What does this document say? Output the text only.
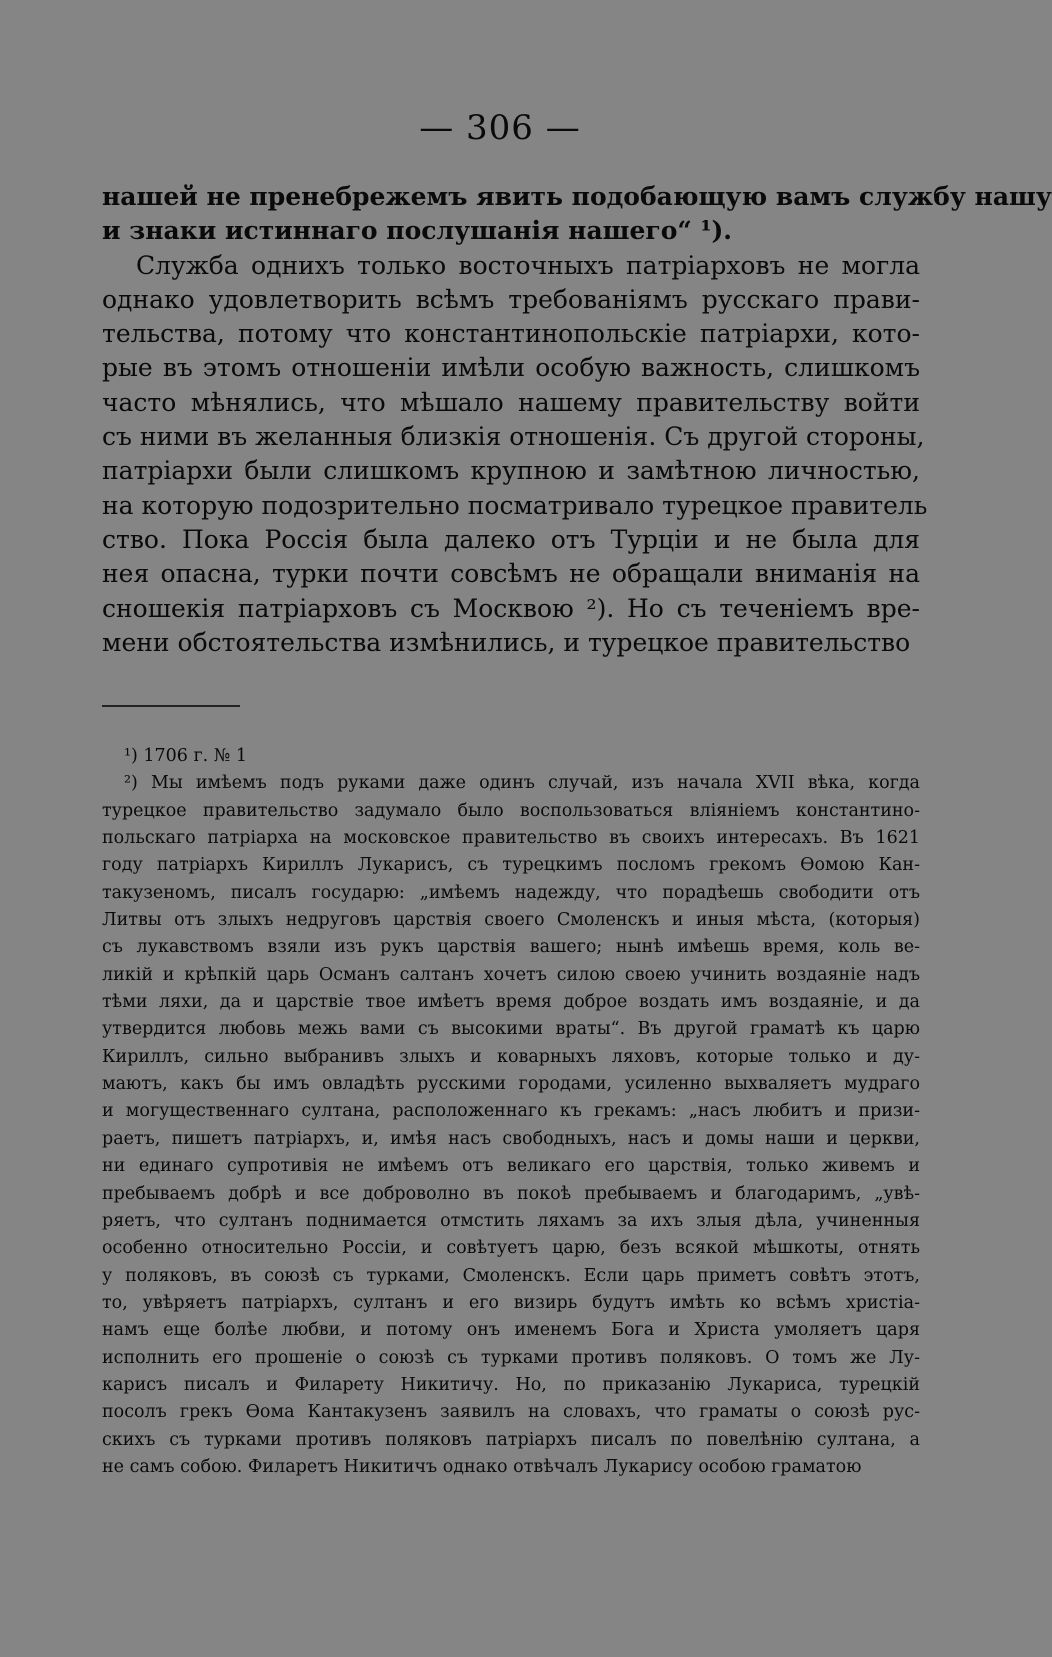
— 306 —
нашей не пренебрежемъ явить подобающую вамъ службу нашу
и знаки истиннаго послушанія нашего“ ¹).
Служба однихъ только восточныхъ патріарховъ не могла
однако удовлетворить всѣмъ требованіямъ русскаго прави-
тельства, потому что константинопольскіе патріархи, кото-
рые въ этомъ отношеніи имѣли особую важность, слишкомъ
часто мѣнялись, что мѣшало нашему правительству войти
съ ними въ желанныя близкія отношенія. Съ другой стороны,
патріархи были слишкомъ крупною и замѣтною личностью,
на которую подозрительно посматривало турецкое правитель
ство. Пока Россія была далеко отъ Турціи и не была для
нея опасна, турки почти совсѣмъ не обращали вниманія на
сношекія патріарховъ съ Москвою ²). Но съ теченіемъ вре-
мени обстоятельства измѣнились, и турецкое правительство
¹) 1706 г. № 1
²) Мы имѣемъ подъ руками даже одинъ случай, изъ начала XVII вѣка, когда
турецкое правительство задумало было воспользоваться вліяніемъ константино-
польскаго патріарха на московское правительство въ своихъ интересахъ. Въ 1621
году патріархъ Кириллъ Лукарисъ, съ турецкимъ посломъ грекомъ Ѳомою Кан-
такузеномъ, писалъ государю: „имѣемъ надежду, что порадѣешь свободити отъ
Литвы отъ злыхъ недруговъ царствія своего Смоленскъ и иныя мѣста, (которыя)
съ лукавствомъ взяли изъ рукъ царствія вашего; нынѣ имѣешь время, коль ве-
ликій и крѣпкій царь Османъ салтанъ хочетъ силою своею учинить воздаяніе надъ
тѣми ляхи, да и царствіе твое имѣетъ время доброе воздать имъ воздаяніе, и да
утвердится любовь межь вами съ высокими враты“. Въ другой граматѣ къ царю
Кириллъ, сильно выбранивъ злыхъ и коварныхъ ляховъ, которые только и ду-
маютъ, какъ бы имъ овладѣть русскими городами, усиленно выхваляетъ мудраго
и могущественнаго султана, расположеннаго къ грекамъ: „насъ любитъ и призи-
раетъ, пишетъ патріархъ, и, имѣя насъ свободныхъ, насъ и домы наши и церкви,
ни единаго супротивія не имѣемъ отъ великаго его царствія, только живемъ и
пребываемъ добрѣ и все доброволно въ покоѣ пребываемъ и благодаримъ, „увѣ-
ряетъ, что султанъ поднимается отмстить ляхамъ за ихъ злыя дѣла, учиненныя
особенно относительно Россіи, и совѣтуетъ царю, безъ всякой мѣшкоты, отнять
у поляковъ, въ союзѣ съ турками, Смоленскъ. Если царь приметъ совѣтъ этотъ,
то, увѣряетъ патріархъ, султанъ и его визирь будутъ имѣть ко всѣмъ христіа-
намъ еще болѣе любви, и потому онъ именемъ Бога и Христа умоляетъ царя
исполнить его прошеніе о союзѣ съ турками противъ поляковъ. О томъ же Лу-
карисъ писалъ и Филарету Никитичу. Но, по приказанію Лукариса, турецкій
посолъ грекъ Ѳома Кантакузенъ заявилъ на словахъ, что граматы о союзѣ рус-
скихъ съ турками противъ поляковъ патріархъ писалъ по повелѣнію султана, а
не самъ собою. Филаретъ Никитичъ однако отвѣчалъ Лукарису особою граматою
